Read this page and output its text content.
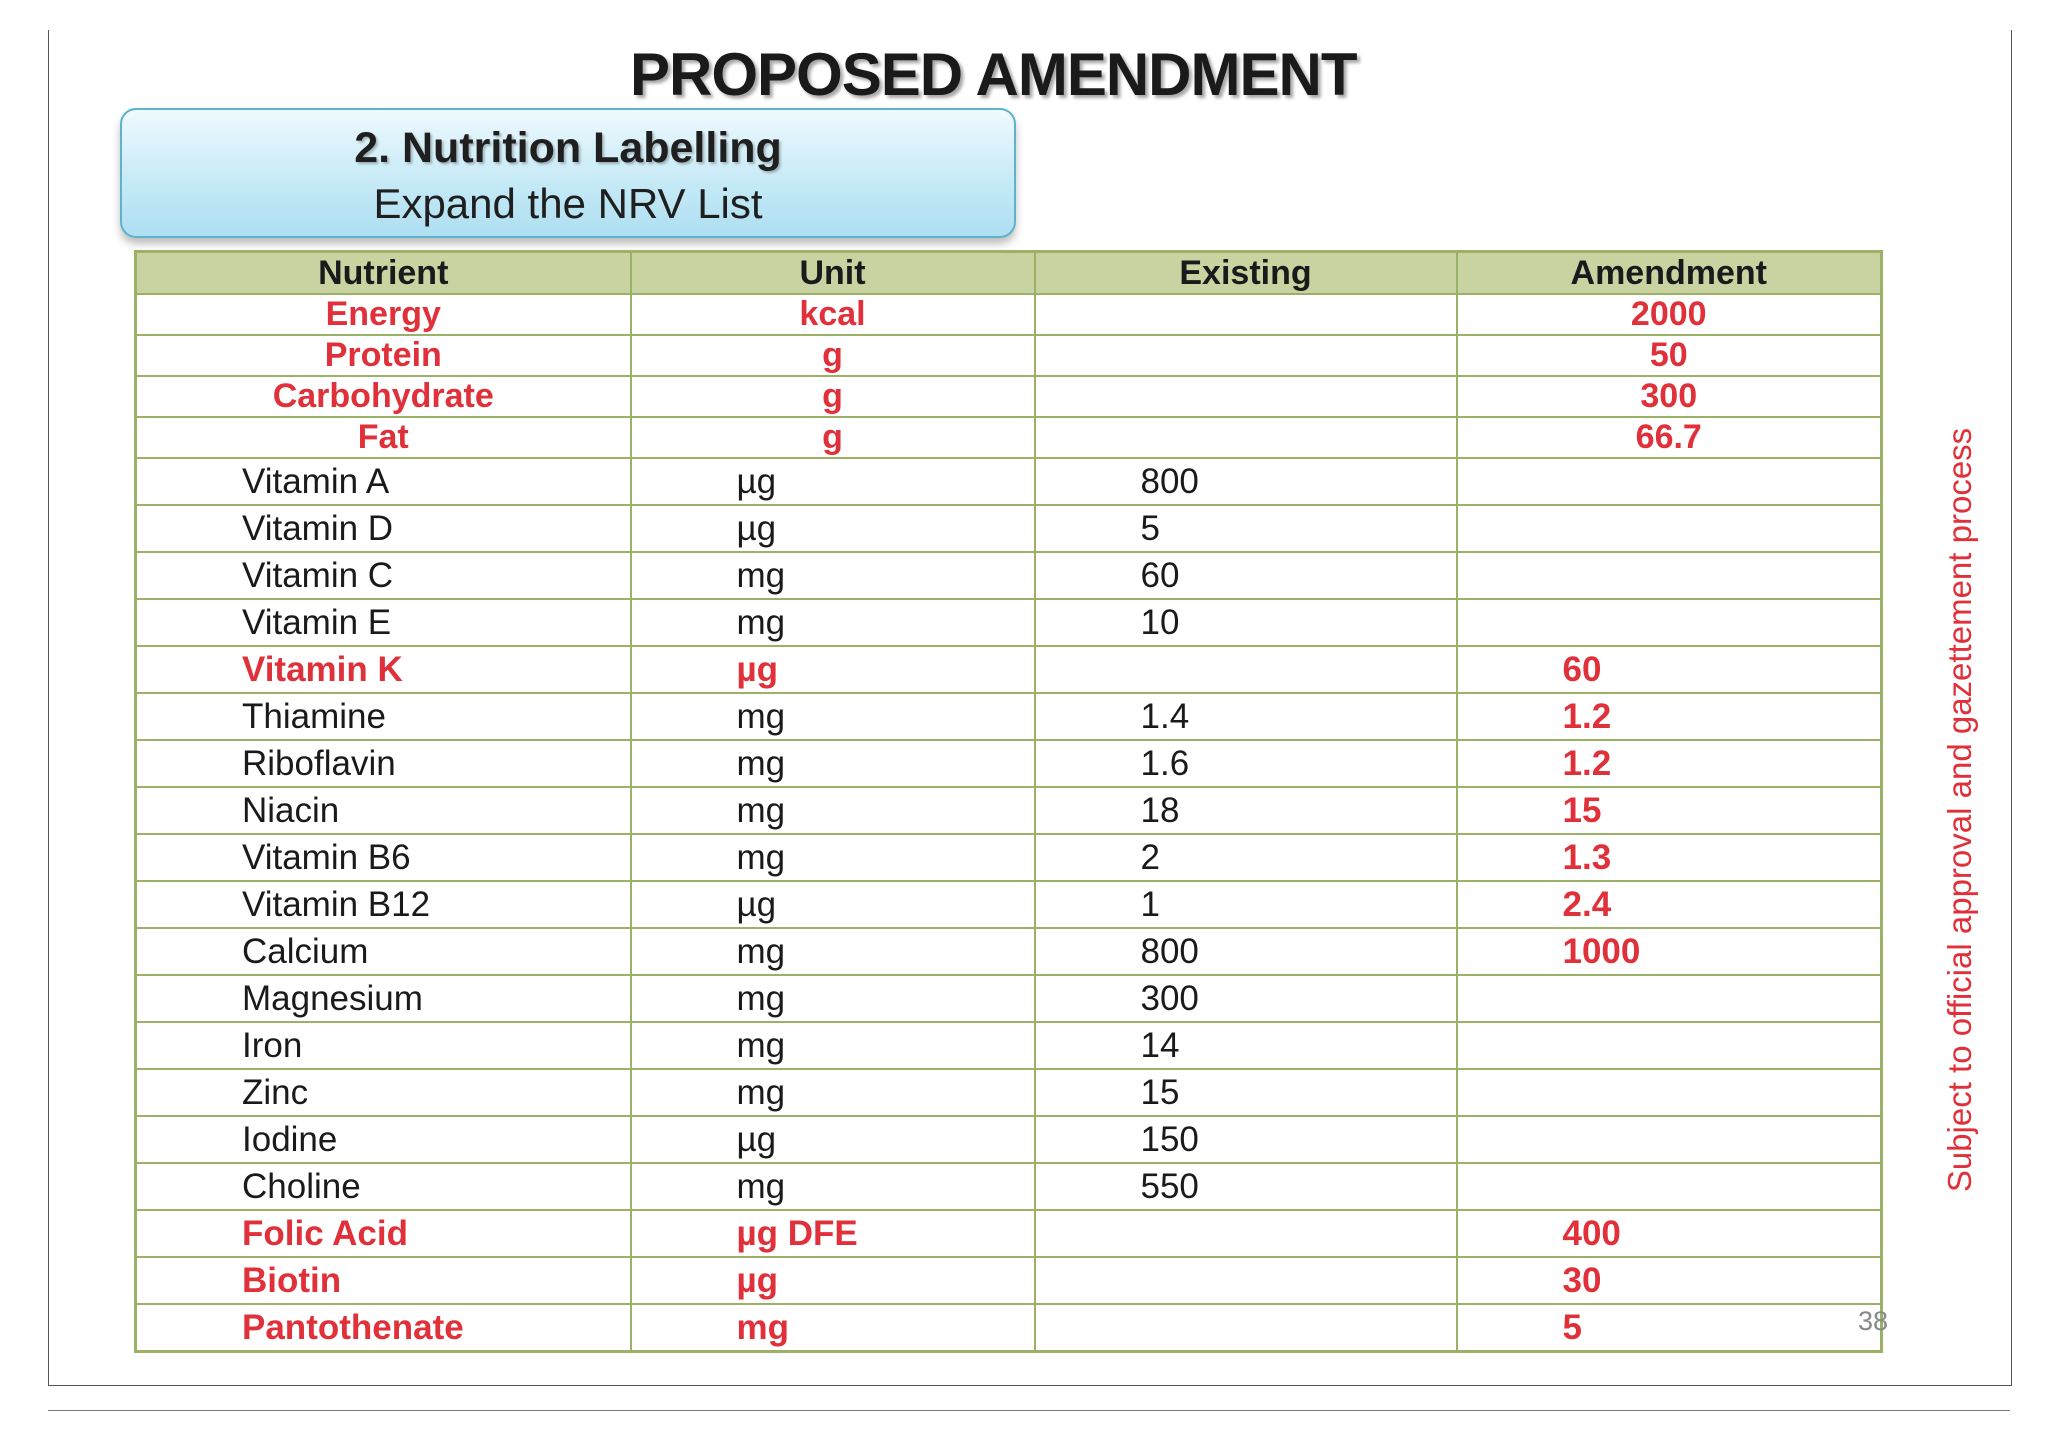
PROPOSED AMENDMENT
2. Nutrition Labelling
Expand the NRV List
Nutrient	Unit	Existing	Amendment
Energy	kcal		2000
Protein	g		50
Carbohydrate	g		300
Fat	g		66.7
Vitamin A	µg	800	
Vitamin D	µg	5	
Vitamin C	mg	60	
Vitamin E	mg	10	
Vitamin K	µg		60
Thiamine	mg	1.4	1.2
Riboflavin	mg	1.6	1.2
Niacin	mg	18	15
Vitamin B6	mg	2	1.3
Vitamin B12	µg	1	2.4
Calcium	mg	800	1000
Magnesium	mg	300	
Iron	mg	14	
Zinc	mg	15	
Iodine	µg	150	
Choline	mg	550	
Folic Acid	µg DFE		400
Biotin	µg		30
Pantothenate	mg		5
Subject to official approval and gazettement process
38
